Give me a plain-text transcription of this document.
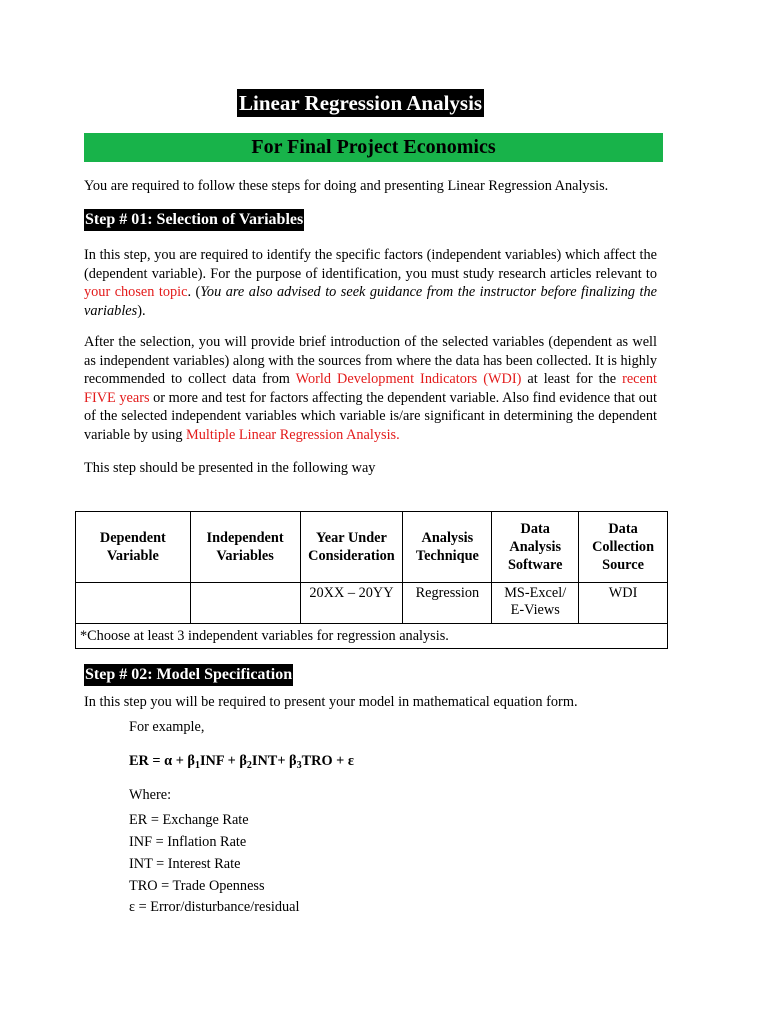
Linear Regression Analysis
For Final Project Economics
You are required to follow these steps for doing and presenting Linear Regression Analysis.
Step # 01: Selection of Variables
In this step, you are required to identify the specific factors (independent variables) which affect the (dependent variable). For the purpose of identification, you must study research articles relevant to your chosen topic. (You are also advised to seek guidance from the instructor before finalizing the variables).
After the selection, you will provide brief introduction of the selected variables (dependent as well as independent variables) along with the sources from where the data has been collected. It is highly recommended to collect data from World Development Indicators (WDI) at least for the recent FIVE years or more and test for factors affecting the dependent variable. Also find evidence that out of the selected independent variables which variable is/are significant in determining the dependent variable by using Multiple Linear Regression Analysis.
This step should be presented in the following way
Dependent Variable	Independent Variables	Year Under Consideration	Analysis Technique	Data Analysis Software	Data Collection Source
		20XX – 20YY	Regression	MS-Excel/ E-Views	WDI
*Choose at least 3 independent variables for regression analysis.					
Step # 02: Model Specification
In this step you will be required to present your model in mathematical equation form.
For example,
ER = $\alpha + \beta_1INF + \beta_2INT+ \beta_3TRO + \varepsilon$
Where:
ER = Exchange Rate
INF = Inflation Rate
INT = Interest Rate
TRO = Trade Openness
ε = Error/disturbance/residual
